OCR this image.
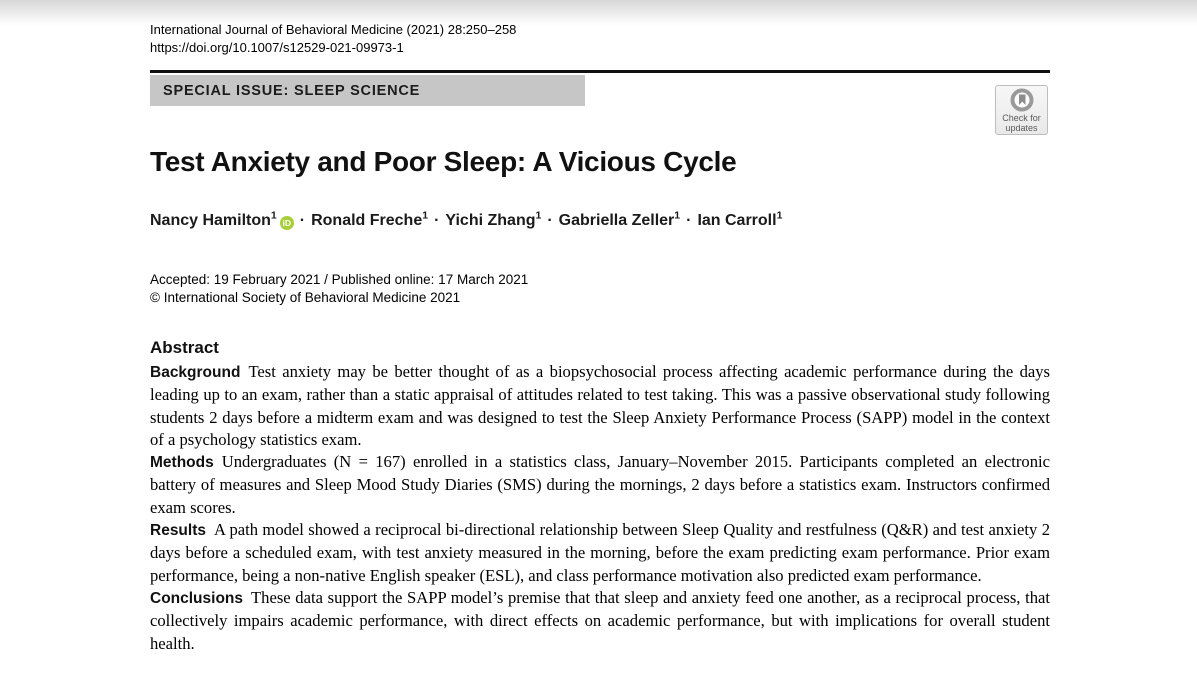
International Journal of Behavioral Medicine (2021) 28:250–258
https://doi.org/10.1007/s12529-021-09973-1
SPECIAL ISSUE: SLEEP SCIENCE
Check for
updates
Test Anxiety and Poor Sleep: A Vicious Cycle
Nancy Hamilton$^1$iD · Ronald Freche$^1$ · Yichi Zhang$^1$ · Gabriella Zeller$^1$ · Ian Carroll$^1$
Accepted: 19 February 2021 / Published online: 17 March 2021
© International Society of Behavioral Medicine 2021
Abstract

Background Test anxiety may be better thought of as a biopsychosocial process affecting academic performance during the days leading up to an exam, rather than a static appraisal of attitudes related to test taking. This was a passive observational study following students 2 days before a midterm exam and was designed to test the Sleep Anxiety Performance Process (SAPP) model in the context of a psychology statistics exam.

Methods Undergraduates (N = 167) enrolled in a statistics class, January–November 2015. Participants completed an electronic battery of measures and Sleep Mood Study Diaries (SMS) during the mornings, 2 days before a statistics exam. Instructors confirmed exam scores.

Results A path model showed a reciprocal bi-directional relationship between Sleep Quality and restfulness (Q&R) and test anxiety 2 days before a scheduled exam, with test anxiety measured in the morning, before the exam predicting exam performance. Prior exam performance, being a non-native English speaker (ESL), and class performance motivation also predicted exam performance.

Conclusions These data support the SAPP model’s premise that that sleep and anxiety feed one another, as a reciprocal process, that collectively impairs academic performance, with direct effects on academic performance, but with implications for overall student health.
